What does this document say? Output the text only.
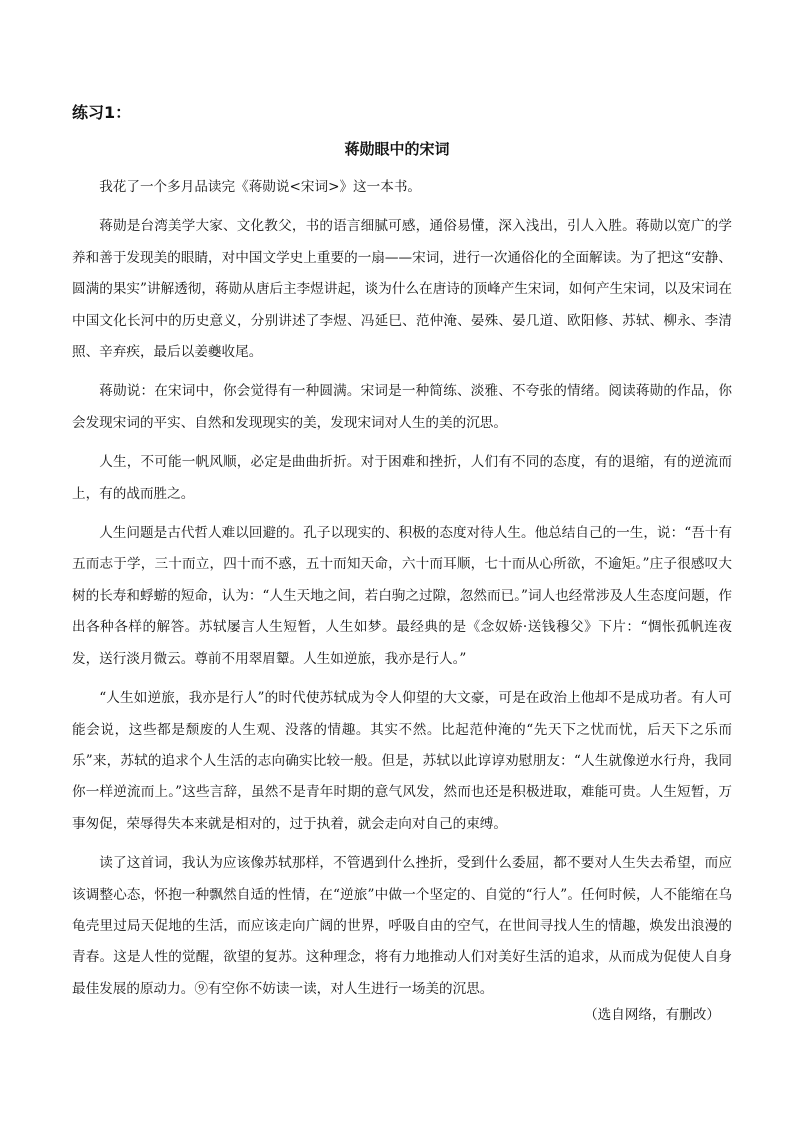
练习1：
蒋勋眼中的宋词

我花了一个多月品读完《蒋勋说<宋词>》这一本书。

蒋勋是台湾美学大家、文化教父，书的语言细腻可感，通俗易懂，深入浅出，引人入胜。蒋勋以宽广的学养和善于发现美的眼睛，对中国文学史上重要的一扇——宋词，进行一次通俗化的全面解读。为了把这“安静、圆满的果实”讲解透彻，蒋勋从唐后主李煜讲起，谈为什么在唐诗的顶峰产生宋词，如何产生宋词，以及宋词在中国文化长河中的历史意义，分别讲述了李煜、冯延巳、范仲淹、晏殊、晏几道、欧阳修、苏轼、柳永、李清照、辛弃疾，最后以姜夔收尾。

蒋勋说：在宋词中，你会觉得有一种圆满。宋词是一种简练、淡雅、不夸张的情绪。阅读蒋勋的作品，你会发现宋词的平实、自然和发现现实的美，发现宋词对人生的美的沉思。

人生，不可能一帆风顺，必定是曲曲折折。对于困难和挫折，人们有不同的态度，有的退缩，有的逆流而上，有的战而胜之。

人生问题是古代哲人难以回避的。孔子以现实的、积极的态度对待人生。他总结自己的一生，说：“吾十有五而志于学，三十而立，四十而不惑，五十而知天命，六十而耳顺，七十而从心所欲，不逾矩。”庄子很感叹大树的长寿和蜉蝣的短命，认为：“人生天地之间，若白驹之过隙，忽然而已。”词人也经常涉及人生态度问题，作出各种各样的解答。苏轼屡言人生短暂，人生如梦。最经典的是《念奴娇·送钱穆父》下片：“惆怅孤帆连夜发，送行淡月微云。尊前不用翠眉颦。人生如逆旅，我亦是行人。”

“人生如逆旅，我亦是行人”的时代使苏轼成为令人仰望的大文豪，可是在政治上他却不是成功者。有人可能会说，这些都是颓废的人生观、没落的情趣。其实不然。比起范仲淹的“先天下之忧而忧，后天下之乐而乐”来，苏轼的追求个人生活的志向确实比较一般。但是，苏轼以此谆谆劝慰朋友：“人生就像逆水行舟，我同你一样逆流而上。”这些言辞，虽然不是青年时期的意气风发，然而也还是积极进取，难能可贵。人生短暂，万事匆促，荣辱得失本来就是相对的，过于执着，就会走向对自己的束缚。

读了这首词，我认为应该像苏轼那样，不管遇到什么挫折，受到什么委屈，都不要对人生失去希望，而应该调整心态，怀抱一种飘然自适的性情，在“逆旅”中做一个坚定的、自觉的“行人”。任何时候，人不能缩在乌龟壳里过局天促地的生活，而应该走向广阔的世界，呼吸自由的空气，在世间寻找人生的情趣，焕发出浪漫的青春。这是人性的觉醒，欲望的复苏。这种理念，将有力地推动人们对美好生活的追求，从而成为促使人自身最佳发展的原动力。⑨有空你不妨读一读，对人生进行一场美的沉思。

（选自网络，有删改）
